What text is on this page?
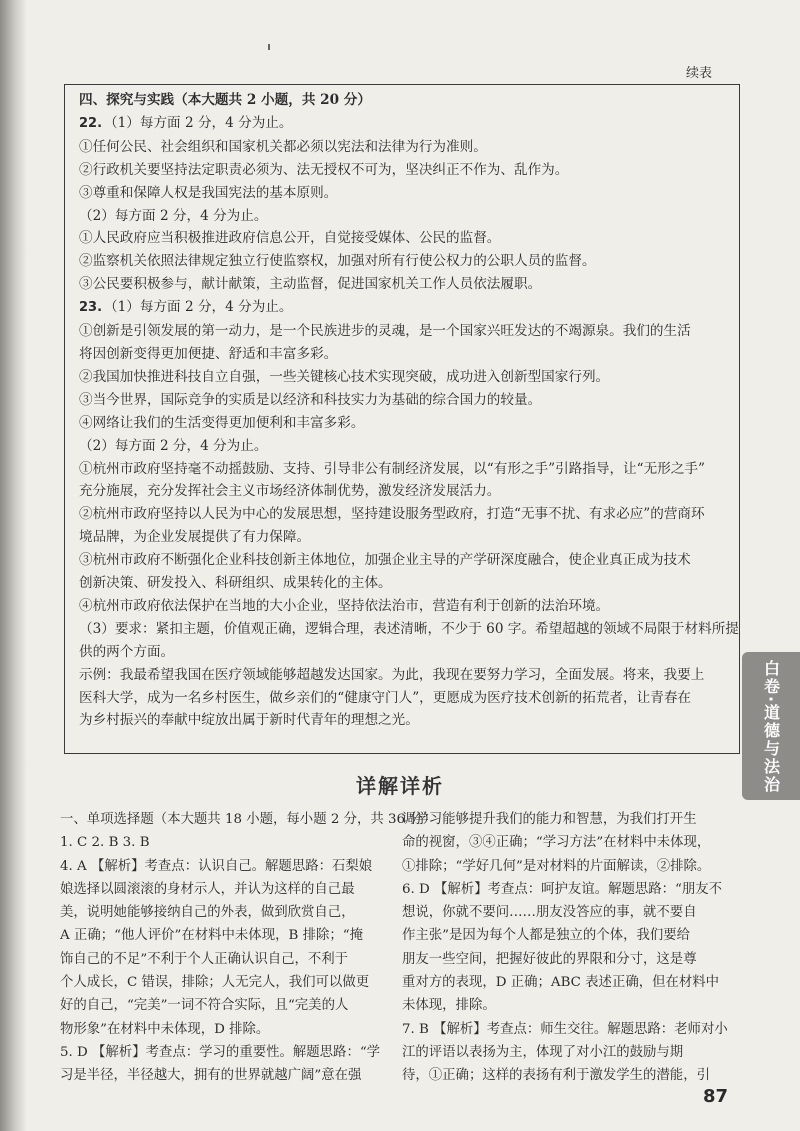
续表
四、探究与实践（本大题共 2 小题，共 20 分）
22. （1）每方面 2 分，4 分为止。
①任何公民、社会组织和国家机关都必须以宪法和法律为行为准则。
②行政机关要坚持法定职责必须为、法无授权不可为，坚决纠正不作为、乱作为。
③尊重和保障人权是我国宪法的基本原则。
（2）每方面 2 分，4 分为止。
①人民政府应当积极推进政府信息公开，自觉接受媒体、公民的监督。
②监察机关依照法律规定独立行使监察权，加强对所有行使公权力的公职人员的监督。
③公民要积极参与，献计献策，主动监督，促进国家机关工作人员依法履职。
23. （1）每方面 2 分，4 分为止。
①创新是引领发展的第一动力，是一个民族进步的灵魂，是一个国家兴旺发达的不竭源泉。我们的生活
将因创新变得更加便捷、舒适和丰富多彩。
②我国加快推进科技自立自强，一些关键核心技术实现突破，成功进入创新型国家行列。
③当今世界，国际竞争的实质是以经济和科技实力为基础的综合国力的较量。
④网络让我们的生活变得更加便利和丰富多彩。
（2）每方面 2 分，4 分为止。
①杭州市政府坚持毫不动摇鼓励、支持、引导非公有制经济发展，以“有形之手”引路指导，让“无形之手”
充分施展，充分发挥社会主义市场经济体制优势，激发经济发展活力。
②杭州市政府坚持以人民为中心的发展思想，坚持建设服务型政府，打造“无事不扰、有求必应”的营商环
境品牌，为企业发展提供了有力保障。
③杭州市政府不断强化企业科技创新主体地位，加强企业主导的产学研深度融合，使企业真正成为技术
创新决策、研发投入、科研组织、成果转化的主体。
④杭州市政府依法保护在当地的大小企业，坚持依法治市，营造有利于创新的法治环境。
（3）要求：紧扣主题，价值观正确，逻辑合理，表述清晰，不少于 60 字。希望超越的领域不局限于材料所提
供的两个方面。
示例：我最希望我国在医疗领域能够超越发达国家。为此，我现在要努力学习，全面发展。将来，我要上
医科大学，成为一名乡村医生，做乡亲们的“健康守门人”，更愿成为医疗技术创新的拓荒者，让青春在
为乡村振兴的奉献中绽放出属于新时代青年的理想之光。
白卷·
道德与法治
详解详析
一、单项选择题（本大题共 18 小题，每小题 2 分，共 36 分）
1. C 2. B 3. B
4. A 【解析】考查点：认识自己。解题思路：石梨娘
娘选择以圆滚滚的身材示人，并认为这样的自己最
美，说明她能够接纳自己的外表，做到欣赏自己，
A 正确；“他人评价”在材料中未体现，B 排除；“掩
饰自己的不足”不利于个人正确认识自己，不利于
个人成长，C 错误，排除；人无完人，我们可以做更
好的自己，“完美”一词不符合实际，且“完美的人
物形象”在材料中未体现，D 排除。
5. D 【解析】考查点：学习的重要性。解题思路：“学
习是半径，半径越大，拥有的世界就越广阔”意在强
调学习能够提升我们的能力和智慧，为我们打开生
命的视窗，③④正确；“学习方法”在材料中未体现，
①排除；“学好几何”是对材料的片面解读，②排除。
6. D 【解析】考查点：呵护友谊。解题思路：“朋友不
想说，你就不要问……朋友没答应的事，就不要自
作主张”是因为每个人都是独立的个体，我们要给
朋友一些空间，把握好彼此的界限和分寸，这是尊
重对方的表现，D 正确；ABC 表述正确，但在材料中
未体现，排除。
7. B 【解析】考查点：师生交往。解题思路：老师对小
江的评语以表扬为主，体现了对小江的鼓励与期
待，①正确；这样的表扬有利于激发学生的潜能，引
87
